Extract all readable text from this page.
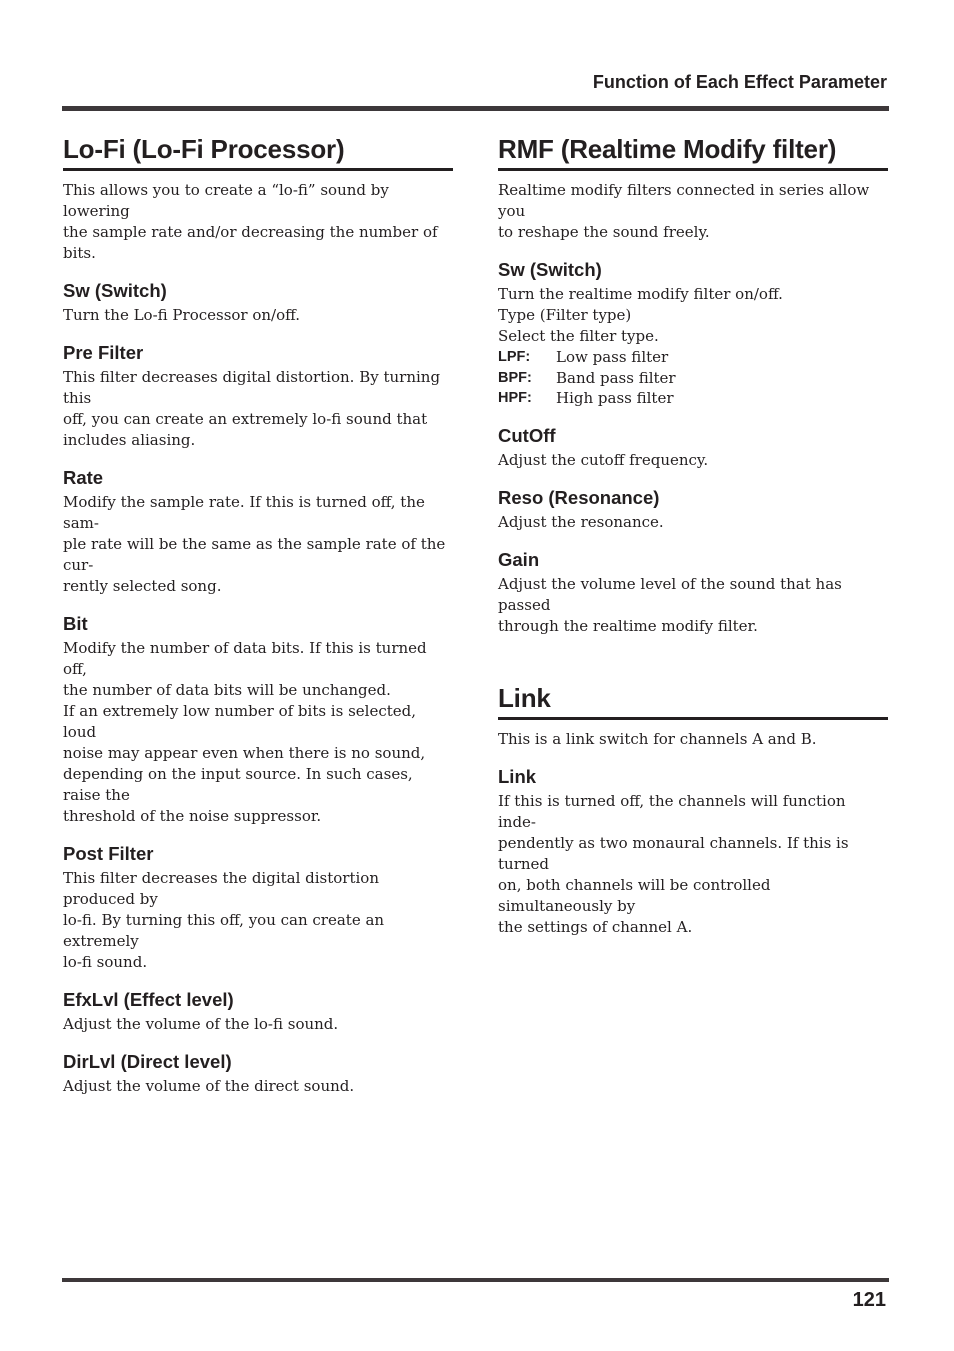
Function of Each Effect Parameter
Lo-Fi (Lo-Fi Processor)

This allows you to create a “lo-fi” sound by lowering
the sample rate and/or decreasing the number of bits.

Sw (Switch)

Turn the Lo-fi Processor on/off.

Pre Filter

This filter decreases digital distortion. By turning this
off, you can create an extremely lo-fi sound that
includes aliasing.

Rate

Modify the sample rate. If this is turned off, the sam-
ple rate will be the same as the sample rate of the cur-
rently selected song.

Bit

Modify the number of data bits. If this is turned off,
the number of data bits will be unchanged.
If an extremely low number of bits is selected, loud
noise may appear even when there is no sound,
depending on the input source. In such cases, raise the
threshold of the noise suppressor.

Post Filter

This filter decreases the digital distortion produced by
lo-fi. By turning this off, you can create an extremely
lo-fi sound.

EfxLvl (Effect level)

Adjust the volume of the lo-fi sound.

DirLvl (Direct level)

Adjust the volume of the direct sound.

RMF (Realtime Modify filter)

Realtime modify filters connected in series allow you
to reshape the sound freely.

Sw (Switch)

Turn the realtime modify filter on/off.
Type (Filter type)
Select the filter type.

LPF:	Low pass filter
BPF:	Band pass filter
HPF:	High pass filter
CutOff

Adjust the cutoff frequency.

Reso (Resonance)

Adjust the resonance.

Gain

Adjust the volume level of the sound that has passed
through the realtime modify filter.

Link

This is a link switch for channels A and B.

Link

If this is turned off, the channels will function inde-
pendently as two monaural channels. If this is turned
on, both channels will be controlled simultaneously by
the settings of channel A.

121
